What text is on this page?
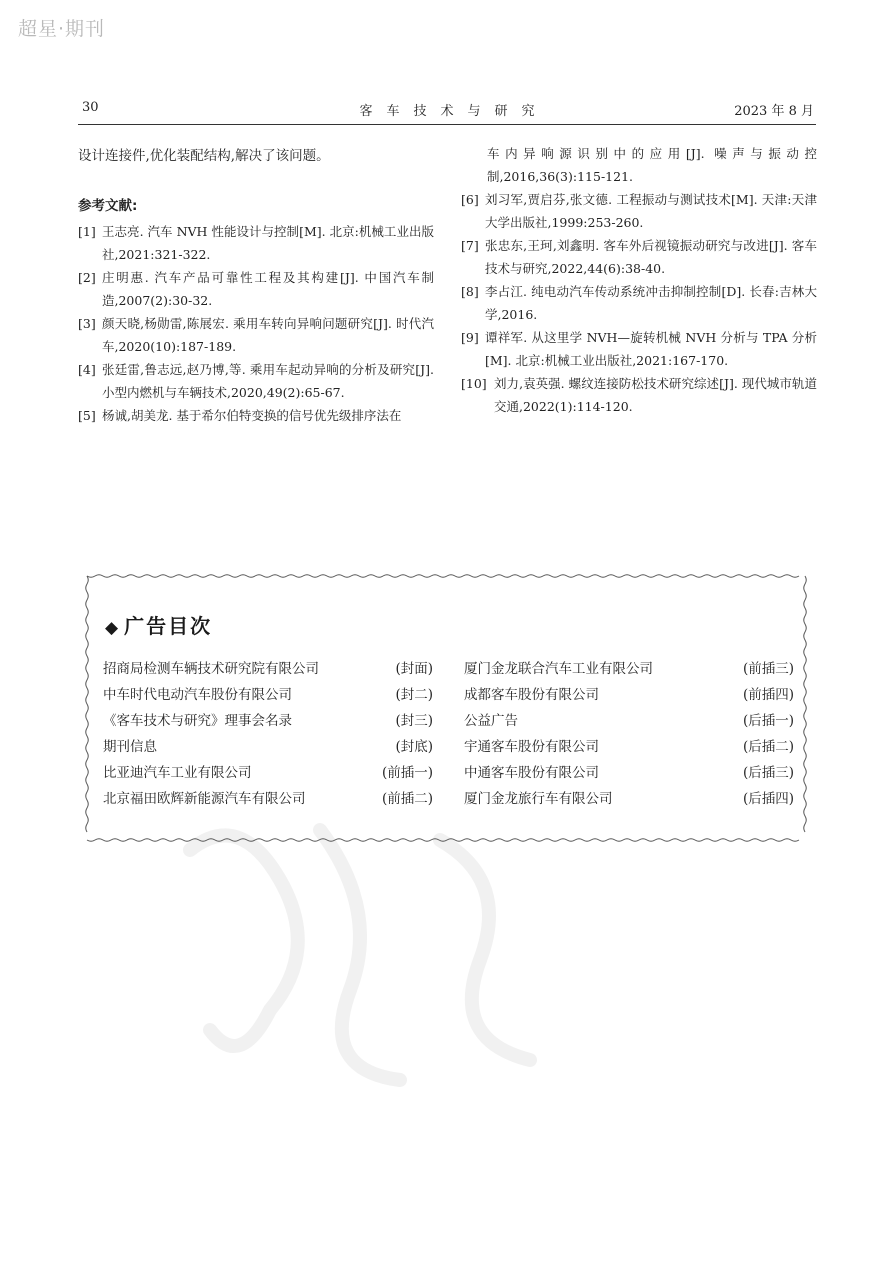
超星·期刊
30	客车技术与研究	2023 年 8 月

设计连接件,优化装配结构,解决了该问题。

参考文献:
[1] 王志亮. 汽车 NVH 性能设计与控制[M]. 北京:机械工业出版社,2021:321-322.
[2] 庄明惠. 汽车产品可靠性工程及其构建[J]. 中国汽车制造,2007(2):30-32.
[3] 颜天晓,杨勋雷,陈展宏. 乘用车转向异响问题研究[J]. 时代汽车,2020(10):187-189.
[4] 张廷雷,鲁志远,赵乃博,等. 乘用车起动异响的分析及研究[J]. 小型内燃机与车辆技术,2020,49(2):65-67.
[5] 杨诚,胡美龙. 基于希尔伯特变换的信号优先级排序法在
车内异响源识别中的应用[J]. 噪声与振动控制,2016,36(3):115-121.
[6] 刘习军,贾启芬,张文德. 工程振动与测试技术[M]. 天津:天津大学出版社,1999:253-260.
[7] 张忠东,王珂,刘鑫明. 客车外后视镜振动研究与改进[J]. 客车技术与研究,2022,44(6):38-40.
[8] 李占江. 纯电动汽车传动系统冲击抑制控制[D]. 长春:吉林大学,2016.
[9] 谭祥军. 从这里学 NVH—旋转机械 NVH 分析与 TPA 分析[M]. 北京:机械工业出版社,2021:167-170.
[10] 刘力,袁英强. 螺纹连接防松技术研究综述[J]. 现代城市轨道交通,2022(1):114-120.
◆ 广告目次
招商局检测车辆技术研究院有限公司	(封面)
中车时代电动汽车股份有限公司	(封二)
《客车技术与研究》理事会名录	(封三)
期刊信息	(封底)
比亚迪汽车工业有限公司	(前插一)
北京福田欧辉新能源汽车有限公司	(前插二)
厦门金龙联合汽车工业有限公司	(前插三)
成都客车股份有限公司	(前插四)
公益广告	(后插一)
宇通客车股份有限公司	(后插二)
中通客车股份有限公司	(后插三)
厦门金龙旅行车有限公司	(后插四)
